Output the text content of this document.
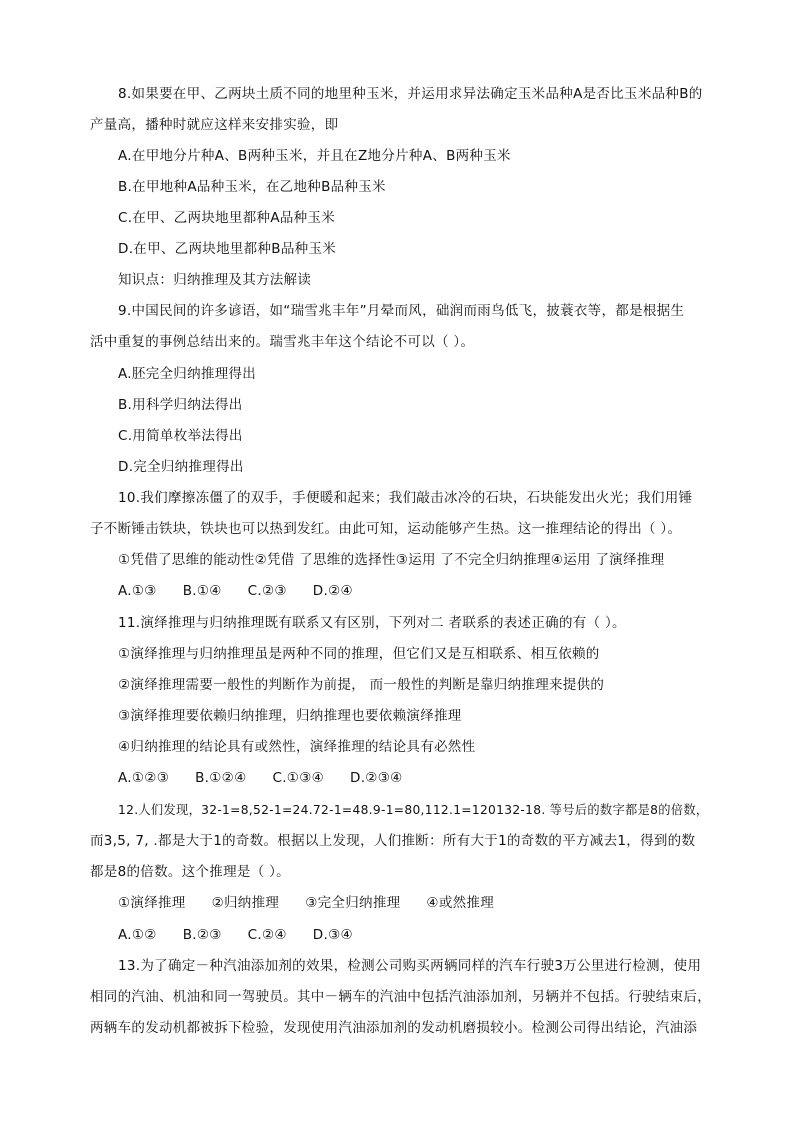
8.如果要在甲、乙两块土质不同的地里种玉米，并运用求异法确定玉米品种A是否比玉米品种B的
产量高，播种时就应这样来安排实验，即
A.在甲地分片种A、B两种玉米，并且在Z地分片种A、B两种玉米
B.在甲地种A品种玉米，在乙地种B品种玉米
C.在甲、乙两块地里都种A品种玉米
D.在甲、乙两块地里都种B品种玉米
知识点：归纳推理及其方法解读
9.中国民间的许多谚语，如“瑞雪兆丰年”月晕而风，础润而雨鸟低飞，披蓑衣等，都是根据生
活中重复的事例总结出来的。瑞雪兆丰年这个结论不可以（ ）。
A.胚完全归纳推理得出
B.用科学归纳法得出
C.用简单枚举法得出
D.完全归纳推理得出
10.我们摩擦冻僵了的双手，手便暖和起来；我们敲击冰冷的石块，石块能发出火光；我们用锤
子不断锤击铁块，铁块也可以热到发红。由此可知，运动能够产生热。这一推理结论的得出（ ）。
①凭借了思维的能动性②凭借 了思维的选择性③运用 了不完全归纳推理④运用 了演绎推理
A.①③ B.①④ C.②③ D.②④
11.演绎推理与归纳推理既有联系又有区别，下列对二 者联系的表述正确的有（ ）。
①演绎推理与归纳推理虽是两种不同的推理，但它们又是互相联系、相互依赖的
②演绎推理需要一般性的判断作为前提， 而一般性的判断是靠归纳推理来提供的
③演绎推理要依赖归纳推理，归纳推理也要依赖演绎推理
④归纳推理的结论具有或然性，演绎推理的结论具有必然性
A.①②③ B.①②④ C.①③④ D.②③④
12.人们发现，32-1=8,52-1=24.72-1=48.9-1=80,112.1=120132-18. 等号后的数字都是8的倍数，
而3,5, 7, .都是大于1的奇数。根据以上发现，人们推断：所有大于1的奇数的平方减去1，得到的数
都是8的倍数。这个推理是（ ）。
①演绎推理 ②归纳推理 ③完全归纳推理 ④或然推理
A.①② B.②③ C.②④ D.③④
13.为了确定－种汽油添加剂的效果，检测公司购买两辆同样的汽车行驶3万公里进行检测，使用
相同的汽油、机油和同一驾驶员。其中－辆车的汽油中包括汽油添加剂，另辆并不包括。行驶结束后，
两辆车的发动机都被拆下检验，发现使用汽油添加剂的发动机磨损较小。检测公司得出结论，汽油添
